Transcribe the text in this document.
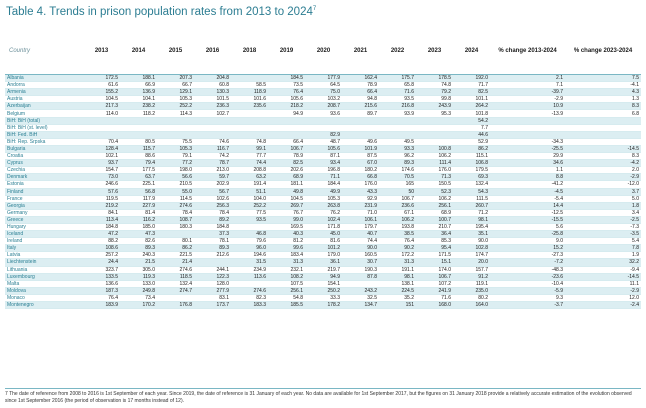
Table 4. Trends in prison population rates from 2013 to 2024$^7$
Country	2013	2014	2015	2016	2018	2019	2020	2021	2022	2023	2024	% change 2013-2024	% change 2023-2024
Albania	172.5	188.1	207.3	204.8		184.5	177.9	162.4	175.7	178.5	192.0	2.1	7.5
Andorra	61.6	66.9	66.7	60.8	58.5	73.5	64.5	78.9	65.8	74.8	71.7	7.1	-4.1
Armenia	155.2	136.9	129.1	130.3	118.9	76.4	75.0	66.4	71.6	79.2	82.5	-39.7	4.3
Austria	104.5	104.1	105.3	101.5	101.6	105.6	103.2	94.8	93.5	99.8	101.1	-2.9	1.3
Azerbaijan	217.3	238.2	252.2	236.3	235.6	218.2	208.7	215.6	216.8	243.9	264.2	10.9	8.3
Belgium	114.0	118.2	114.3	102.7		94.9	93.6	89.7	93.9	95.3	101.8	-13.9	6.8
BiH: BiH (total)											54.2		
BiH: BiH (st. level)											7.7		
BiH: Fed. BiH							82.9				44.6		
BiH: Rep. Srpska	70.4	80.5	75.5	74.6	74.8	66.4	48.7	49.6	49.5		52.9	-34.3	
Bulgaria	128.4	115.7	105.3	116.7	99.1	106.7	105.6	101.9	93.3	100.8	86.2	-25.5	-14.5
Croatia	102.1	88.6	79.1	74.2	77.7	78.9	87.1	87.5	96.2	106.2	115.1	29.9	8.3
Cyprus	93.7	79.4	77.2	78.7	74.4	82.5	93.4	67.0	89.3	111.4	106.8	34.6	-4.2
Czechia	154.7	177.5	198.0	213.0	208.8	202.6	196.8	180.2	174.6	176.0	179.5	1.1	2.0
Denmark	73.0	63.7	56.6	59.7	63.2	68.9	71.1	66.8	70.5	71.3	69.3	8.8	-2.9
Estonia	246.6	225.1	210.5	202.9	191.4	181.1	184.4	176.0	165	150.5	132.4	-41.2	-12.0
Finland	57.6	56.8	55.0	56.7	51.1	49.8	49.9	43.3	50	52.3	54.3	-4.5	3.7
France	119.5	117.9	114.5	102.6	104.0	104.5	105.3	92.9	106.7	106.2	111.5	-5.4	5.0
Georgia	219.2	227.9	274.6	256.3	252.2	269.7	263.8	231.9	236.6	256.1	260.7	14.4	1.8
Germany	84.1	81.4	78.4	78.4	77.5	76.7	76.2	71.0	67.1	68.9	71.2	-12.5	3.4
Greece	113.4	116.2	108.7	89.2	93.5	99.0	102.4	106.1	106.2	100.7	98.1	-15.5	-2.5
Hungary	184.8	185.0	180.3	184.8		169.5	171.8	179.7	193.8	210.7	195.4	5.6	-7.3
Iceland	47.2	47.3		37.3	46.8	40.3	45.0	40.7	38.5	36.4	35.1	-25.8	-3.5
Ireland	88.2	82.6	80.1	78.1	79.6	81.2	81.6	74.4	76.4	85.3	90.0	9.0	5.4
Italy	108.6	89.3	86.2	89.3	96.0	99.6	101.2	90.0	90.2	95.4	102.8	15.2	7.8
Latvia	257.2	240.3	221.5	212.6	194.6	183.4	179.0	160.5	172.2	171.5	174.7	-27.3	1.9
Liechtenstein	24.4	21.5	21.4		31.5	31.3	36.1	30.7	31.3	15.1	20.0	-7.2	32.2
Lithuania	323.7	305.0	274.6	244.1	234.9	232.1	219.7	190.3	191.1	174.0	157.7	-48.3	-9.4
Luxembourg	133.5	119.3	118.5	122.3	113.6	108.2	94.9	87.8	98.1	106.7	91.2	-23.6	-14.5
Malta	136.6	133.0	132.4	128.0		107.5	154.1		138.1	107.2	119.1	-10.4	11.1
Moldova	187.3	249.8	274.7	277.9	274.6	256.1	250.2	243.2	224.5	241.9	235.0	-5.9	-2.9
Monaco	76.4	73.4		83.1	82.3	54.8	33.3	32.5	35.2	71.6	80.2	9.3	12.0
Montenegro	183.9	170.2	176.8	173.7	183.3	185.5	178.2	134.7	151	168.0	164.0	-3.7	-2.4
7 The date of reference from 2008 to 2016 is 1st September of each year. Since 2019, the date of reference is 31 January of each year. No data are available for 1st September 2017, but the figures on 31 January 2018 provide a relatively accurate estimation of the evolution observed since 1st September 2016 (the period of observation is 17 months instead of 12).
